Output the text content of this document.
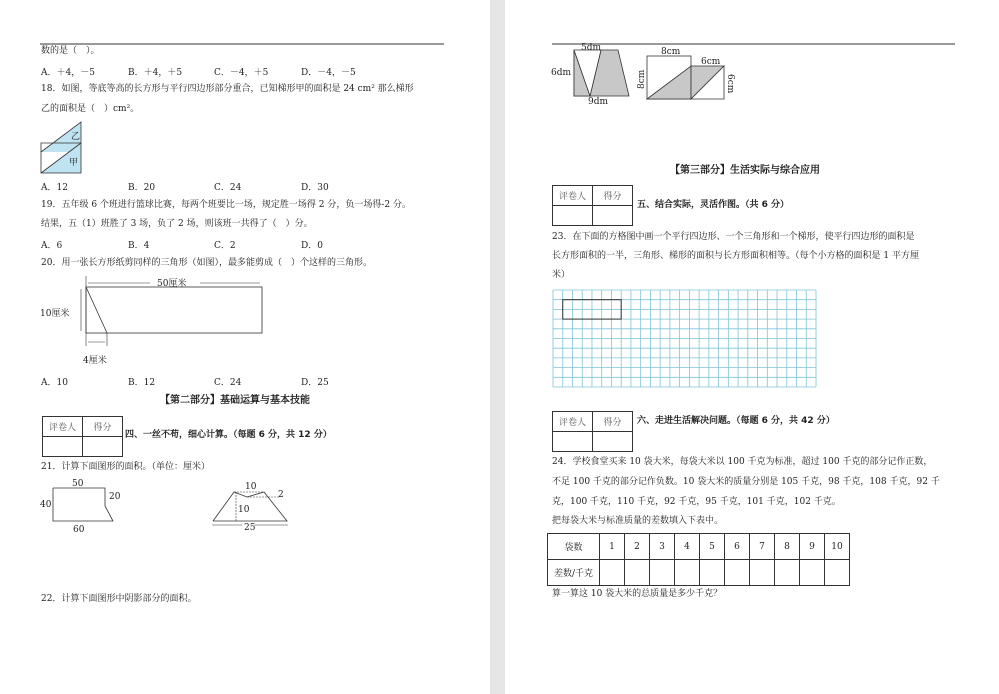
数的是（　）。
A．＋4，－5	B．＋4，＋5	C．－4，＋5	D．－4，－5
18．如图，等底等高的长方形与平行四边形部分重合，已知梯形甲的面积是 24 cm² 那么梯形
乙的面积是（　）cm²。
乙
甲
A．12	B．20	C．24	D．30
19．五年级 6 个班进行篮球比赛，每两个班要比一场，规定胜一场得 2 分，负一场得-2 分。
结果，五（1）班胜了 3 场，负了 2 场，则该班一共得了（　）分。
A．6	B．4	C．2	D．0
20．用一张长方形纸剪同样的三角形（如图），最多能剪成（　）个这样的三角形。
50厘米
10厘米
4厘米
A．10	B．12	C．24	D．25
【第二部分】基础运算与基本技能
评卷人	得分

四、一丝不苟，细心计算。（每题 6 分，共 12 分）
21．计算下面图形的面积。（单位：厘米）
50
40
20
60
10
2
10
25
22．计算下面图形中阴影部分的面积。
5dm
6dm
9dm
8cm
6cm
8cm	6cm
【第三部分】生活实际与综合应用
评卷人	得分

五、结合实际，灵活作图。（共 6 分）
23．在下面的方格图中画一个平行四边形、一个三角形和一个梯形，使平行四边形的面积是
长方形面积的一半，三角形、梯形的面积与长方形面积相等。（每个小方格的面积是 1 平方厘
米）
评卷人	得分
	六、走进生活解决问题。（每题 6 分，共 42 分）
24．学校食堂买来 10 袋大米，每袋大米以 100 千克为标准，超过 100 千克的部分记作正数，
不足 100 千克的部分记作负数。10 袋大米的质量分别是 105 千克，98 千克，108 千克，92 千
克，100 千克，110 千克，92 千克，95 千克，101 千克，102 千克。
把每袋大米与标准质量的差数填入下表中。
袋数	1	2	3	4	5	6	7	8	9	10
差数/千克										
算一算这 10 袋大米的总质量是多少千克？
